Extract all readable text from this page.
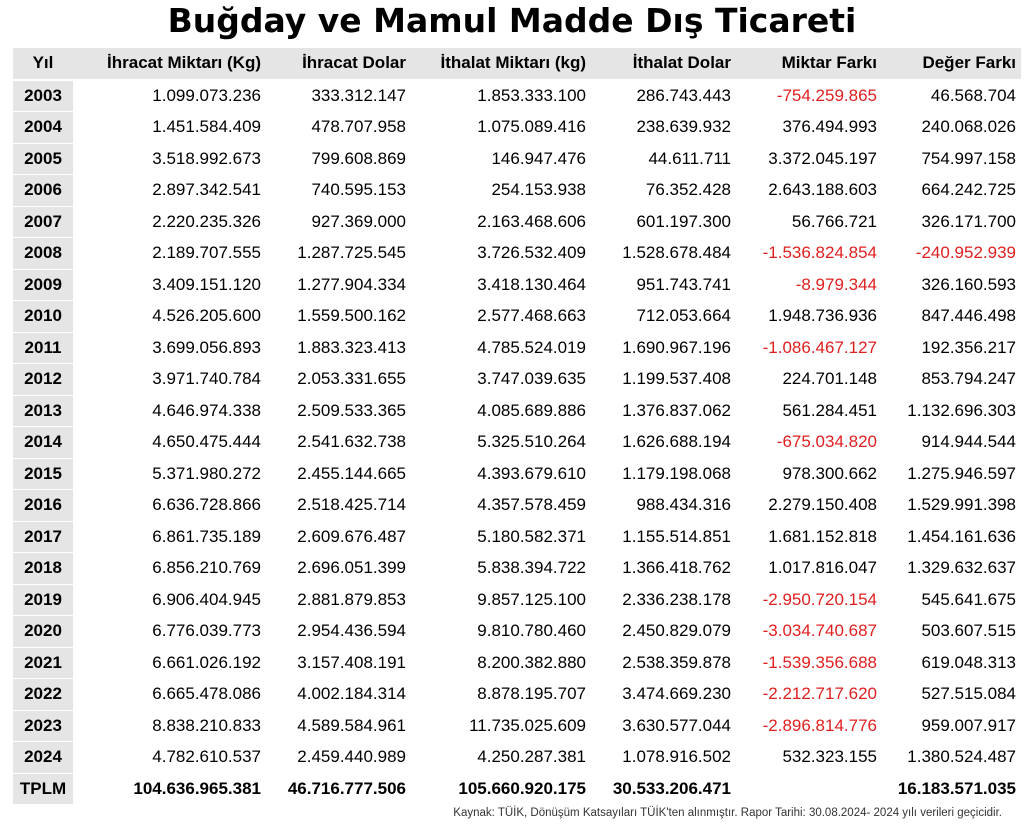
Buğday ve Mamul Madde Dış Ticareti
Yıl	İhracat Miktarı (Kg)	İhracat Dolar	İthalat Miktarı (kg)	İthalat Dolar	Miktar Farkı	Değer Farkı
2003	1.099.073.236	333.312.147	1.853.333.100	286.743.443	-754.259.865	46.568.704
2004	1.451.584.409	478.707.958	1.075.089.416	238.639.932	376.494.993	240.068.026
2005	3.518.992.673	799.608.869	146.947.476	44.611.711	3.372.045.197	754.997.158
2006	2.897.342.541	740.595.153	254.153.938	76.352.428	2.643.188.603	664.242.725
2007	2.220.235.326	927.369.000	2.163.468.606	601.197.300	56.766.721	326.171.700
2008	2.189.707.555	1.287.725.545	3.726.532.409	1.528.678.484	-1.536.824.854	-240.952.939
2009	3.409.151.120	1.277.904.334	3.418.130.464	951.743.741	-8.979.344	326.160.593
2010	4.526.205.600	1.559.500.162	2.577.468.663	712.053.664	1.948.736.936	847.446.498
2011	3.699.056.893	1.883.323.413	4.785.524.019	1.690.967.196	-1.086.467.127	192.356.217
2012	3.971.740.784	2.053.331.655	3.747.039.635	1.199.537.408	224.701.148	853.794.247
2013	4.646.974.338	2.509.533.365	4.085.689.886	1.376.837.062	561.284.451	1.132.696.303
2014	4.650.475.444	2.541.632.738	5.325.510.264	1.626.688.194	-675.034.820	914.944.544
2015	5.371.980.272	2.455.144.665	4.393.679.610	1.179.198.068	978.300.662	1.275.946.597
2016	6.636.728.866	2.518.425.714	4.357.578.459	988.434.316	2.279.150.408	1.529.991.398
2017	6.861.735.189	2.609.676.487	5.180.582.371	1.155.514.851	1.681.152.818	1.454.161.636
2018	6.856.210.769	2.696.051.399	5.838.394.722	1.366.418.762	1.017.816.047	1.329.632.637
2019	6.906.404.945	2.881.879.853	9.857.125.100	2.336.238.178	-2.950.720.154	545.641.675
2020	6.776.039.773	2.954.436.594	9.810.780.460	2.450.829.079	-3.034.740.687	503.607.515
2021	6.661.026.192	3.157.408.191	8.200.382.880	2.538.359.878	-1.539.356.688	619.048.313
2022	6.665.478.086	4.002.184.314	8.878.195.707	3.474.669.230	-2.212.717.620	527.515.084
2023	8.838.210.833	4.589.584.961	11.735.025.609	3.630.577.044	-2.896.814.776	959.007.917
2024	4.782.610.537	2.459.440.989	4.250.287.381	1.078.916.502	532.323.155	1.380.524.487
TPLM	104.636.965.381	46.716.777.506	105.660.920.175	30.533.206.471		16.183.571.035
Kaynak: TÜİK, Dönüşüm Katsayıları TÜİK'ten alınmıştır. Rapor Tarihi: 30.08.2024- 2024 yılı verileri geçicidir.
